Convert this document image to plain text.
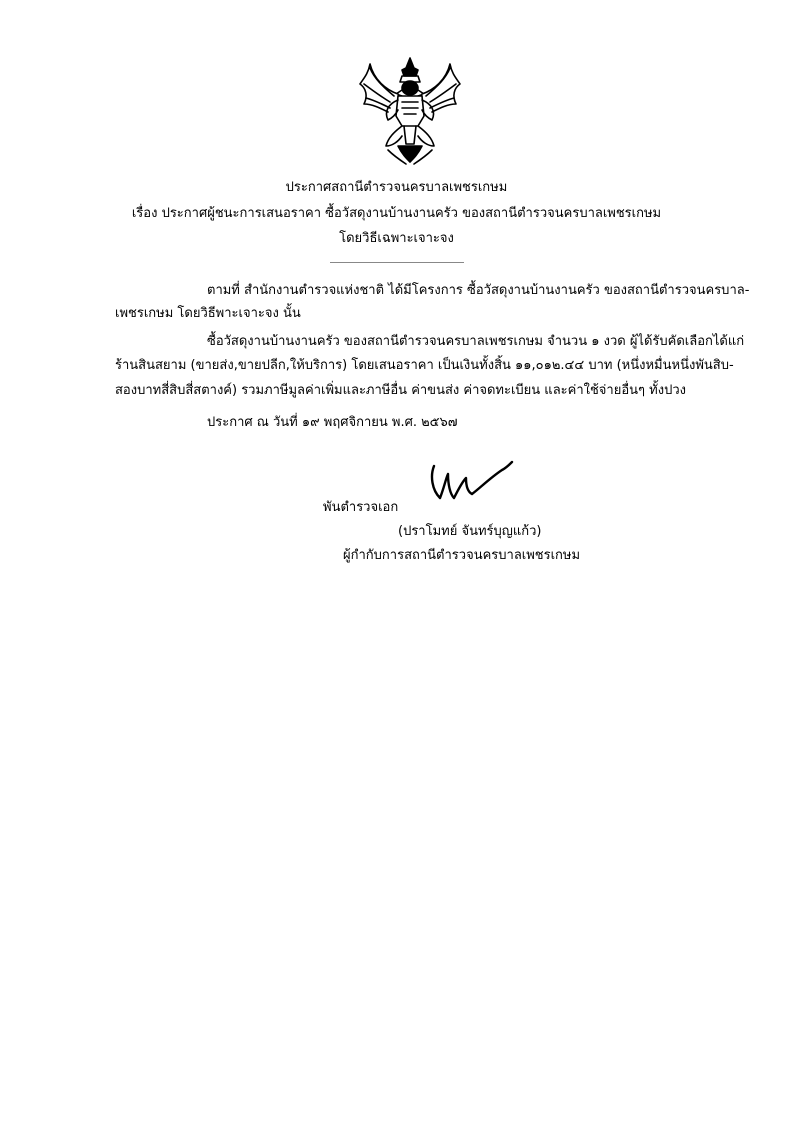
ประกาศสถานีตำรวจนครบาลเพชรเกษม
เรื่อง ประกาศผู้ชนะการเสนอราคา ซื้อวัสดุงานบ้านงานครัว ของสถานีตำรวจนครบาลเพชรเกษม
โดยวิธีเฉพาะเจาะจง
ตามที่ สำนักงานตำรวจแห่งชาติ ได้มีโครงการ ซื้อวัสดุงานบ้านงานครัว ของสถานีตำรวจนครบาล-
เพชรเกษม โดยวิธีพาะเจาะจง นั้น
ซื้อวัสดุงานบ้านงานครัว ของสถานีตำรวจนครบาลเพชรเกษม จำนวน ๑ งวด ผู้ได้รับคัดเลือกได้แก่
ร้านสินสยาม (ขายส่ง,ขายปลีก,ให้บริการ) โดยเสนอราคา เป็นเงินทั้งสิ้น ๑๑,๐๑๒.๔๔ บาท (หนึ่งหมื่นหนึ่งพันสิบ-
สองบาทสี่สิบสี่สตางค์) รวมภาษีมูลค่าเพิ่มและภาษีอื่น ค่าขนส่ง ค่าจดทะเบียน และค่าใช้จ่ายอื่นๆ ทั้งปวง
ประกาศ ณ วันที่ ๑๙ พฤศจิกายน พ.ศ. ๒๕๖๗
พันตำรวจเอก
(ปราโมทย์ จันทร์บุญแก้ว)
ผู้กำกับการสถานีตำรวจนครบาลเพชรเกษม
